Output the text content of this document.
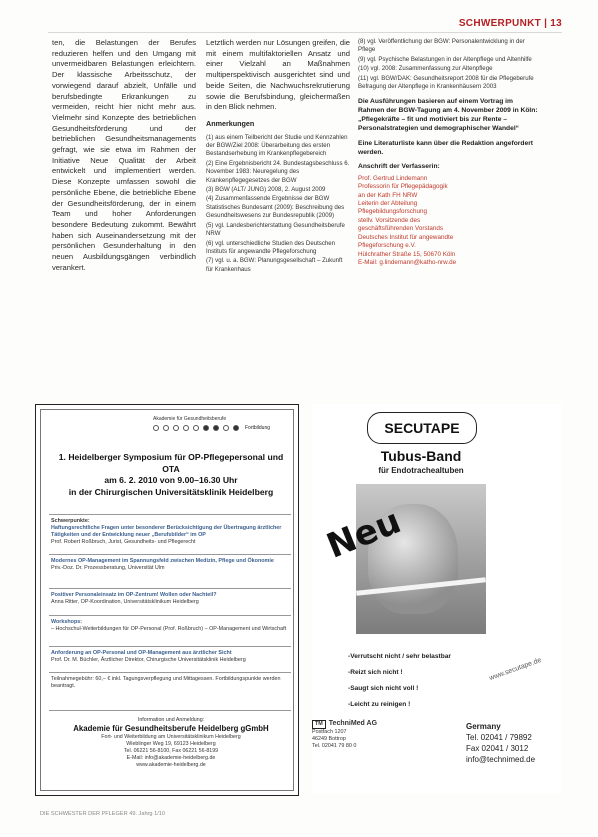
SCHWERPUNKT | 13

ten, die Belastungen der Berufes reduzieren helfen und den Umgang mit unvermeidbaren Belastungen erleichtern. Der klassische Arbeitsschutz, der vorwiegend darauf abzielt, Unfälle und berufsbedingte Erkrankungen zu vermeiden, reicht hier nicht mehr aus. Vielmehr sind Konzepte des betrieblichen Gesundheitsförderung und der betrieblichen Gesundheitsmanagements gefragt, wie sie etwa im Rahmen der Initiative Neue Qualität der Arbeit entwickelt und implementiert werden. Diese Konzepte umfassen sowohl die persönliche Ebene, die betriebliche Ebene der Gesundheitsförderung, der in einem Team und hoher Anforderungen besondere Bedeutung zukommt. Bewährt haben sich Auseinandersetzung mit der persönlichen Gesunderhaltung in den neuen Ausbildungsgängen verbindlich verankert.

Letztlich werden nur Lösungen greifen, die mit einem multifaktoriellen Ansatz und einer Vielzahl an Maßnahmen multiperspektivisch ausgerichtet sind und beide Seiten, die Nachwuchsrekrutierung sowie die Berufsbindung, gleichermaßen in den Blick nehmen.

Anmerkungen
(1) aus einem Teilbericht der Studie und Kennzahlen der BGW/Ziel 2008: Überarbeitung des ersten Bestandserhebung im Krankenpflegebereich
(2) Eine Ergebnisbericht 24. Bundestagsbeschluss 6. November 1983: Neuregelung des Krankenpflegegesetzes der BGW
(3) BGW (ALT/ JUNG) 2008, 2. August 2009
(4) Zusammenfassende Ergebnisse der BGW Statistisches Bundesamt (2009): Beschreibung des Gesundheitswesens zur Bundesrepublik (2009)
(5) vgl. Landesberichterstattung Gesundheitsberufe NRW
(6) vgl. unterschiedliche Studien des Deutschen Instituts für angewandte Pflegeforschung
(7) vgl. u. a. BGW: Planungsgesellschaft – Zukunft für Krankenhaus
(8) vgl. Veröffentlichung der BGW: Personalentwicklung in der Pflege
(9) vgl. Psychische Belastungen in der Altenpflege und Altenhilfe
(10) vgl. 2008: Zusammenfassung zur Altenpflege
(11) vgl. BGW/DAK: Gesundheitsreport 2008 für die Pflegeberufe Befragung der Altenpflege in Krankenhäusern 2003
Die Ausführungen basieren auf einem Vortrag im Rahmen der BGW-Tagung am 4. November 2009 in Köln: „Pflegekräfte – fit und motiviert bis zur Rente – Personalstrategien und demographischer Wandel“
Eine Literaturliste kann über die Redaktion angefordert werden.
Anschrift der Verfasserin:
Prof. Gertrud Lindemann
Professorin für Pflegepädagogik
an der Kath FH NRW
Leiterin der Abteilung
Pflegebildungsforschung
stellv. Vorsitzende des
geschäftsführenden Vorstands
Deutsches Institut für angewandte
Pflegeforschung e.V.
Hülchrather Straße 15, 50670 Köln
E-Mail: g.lindemann@katho-nrw.de
Akademie für Gesundheitsberufe
Fortbildung
1. Heidelberger Symposium für OP-Pflegepersonal und OTA
am 6. 2. 2010 von 9.00–16.30 Uhr
in der Chirurgischen Universitätsklinik Heidelberg
Schwerpunkte:
Haftungsrechtliche Fragen unter besonderer Berücksichtigung der Übertragung ärztlicher Tätigkeiten und der Entwicklung neuer „Berufsbilder“ im OP
Prof. Robert Roßbruch, Jurist, Gesundheits- und Pflegerecht
Modernes OP-Management im Spannungsfeld zwischen Medizin, Pflege und Ökonomie
Priv.-Doz. Dr. Prozessberatung, Universität Ulm
Positiver Personaleinsatz im OP-Zentrum! Wollen oder Nachteil?
Anna Ritter, OP-Koordination, Universitätsklinikum Heidelberg
Workshops:
– Hochschul-Weiterbildungen für OP-Personal (Prof. Roßbruch) – OP-Management und Wirtschaft
Anforderung an OP-Personal und OP-Management aus ärztlicher Sicht
Prof. Dr. M. Büchler, Ärztlicher Direktor, Chirurgische Universitätsklinik Heidelberg
Teilnahmegebühr: 60,– € inkl. Tagungsverpflegung und Mittagessen. Fortbildungspunkte werden beantragt.
Information und Anmeldung:
Akademie für Gesundheitsberufe Heidelberg gGmbH
Fort- und Weiterbildung am Universitätsklinikum Heidelberg
Wieblinger Weg 19, 69123 Heidelberg
Tel. 06221 56-8100, Fax 06221 56-8199
E-Mail: info@akademie-heidelberg.de
www.akademie-heidelberg.de
SECUTAPE
Tubus-Band
für Endotrachealtuben
Neu
-Verrutscht nicht / sehr belastbar
-Reizt sich nicht !
-Saugt sich nicht voll !
-Leicht zu reinigen !
www.secutape.de
TM TechniMed AG
Postfach 1207
46249 Bottrop
Tel. 02041 79 80 0
Germany
Tel. 02041 / 79892
Fax 02041 / 3012
info@technimed.de
DIE SCHWESTER DER PFLEGER 49. Jahrg 1/10
